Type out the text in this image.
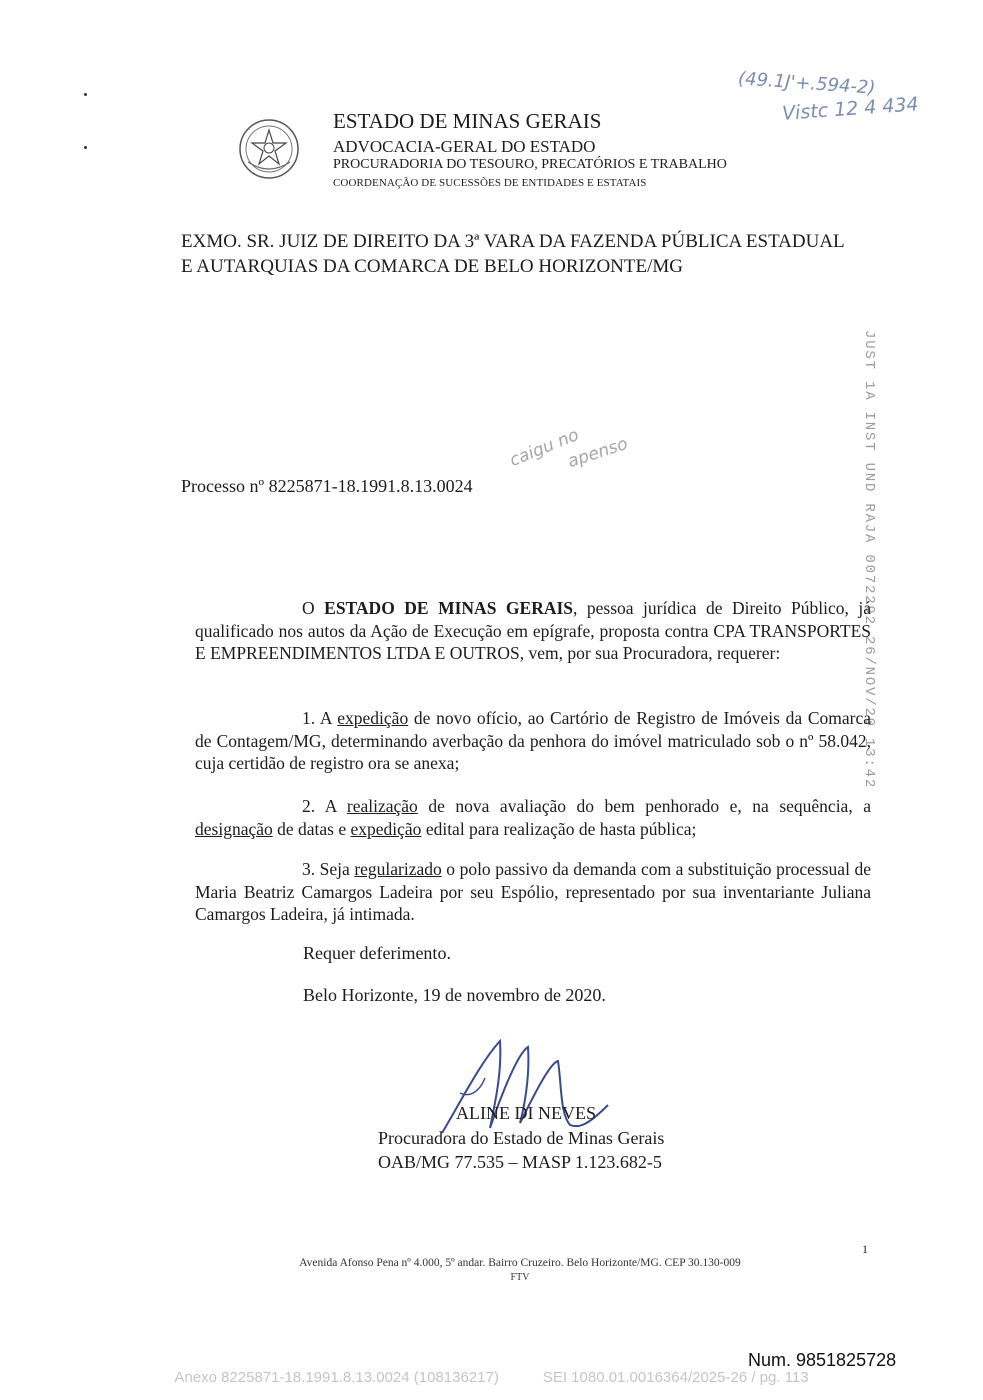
ESTADO DE MINAS GERAIS
ADVOCACIA-GERAL DO ESTADO
PROCURADORIA DO TESOURO, PRECATÓRIOS E TRABALHO
COORDENAÇÃO DE SUCESSÕES DE ENTIDADES E ESTATAIS
(49.1J'+.594-2)
Vistc 12 4 434
EXMO. SR. JUIZ DE DIREITO DA 3ª VARA DA FAZENDA PÚBLICA ESTADUAL
E AUTARQUIAS DA COMARCA DE BELO HORIZONTE/MG
JUST 1A INST UND RAJA 0072292 26/NOV/20 13:42
Processo nº 8225871-18.1991.8.13.0024
caigu no
apenso
O ESTADO DE MINAS GERAIS, pessoa jurídica de Direito Público, já qualificado nos autos da Ação de Execução em epígrafe, proposta contra CPA TRANSPORTES E EMPREENDIMENTOS LTDA E OUTROS, vem, por sua Procuradora, requerer:
1. A expedição de novo ofício, ao Cartório de Registro de Imóveis da Comarca de Contagem/MG, determinando averbação da penhora do imóvel matriculado sob o nº 58.042, cuja certidão de registro ora se anexa;
2. A realização de nova avaliação do bem penhorado e, na sequência, a designação de datas e expedição edital para realização de hasta pública;
3. Seja regularizado o polo passivo da demanda com a substituição processual de Maria Beatriz Camargos Ladeira por seu Espólio, representado por sua inventariante Juliana Camargos Ladeira, já intimada.
Requer deferimento.
Belo Horizonte, 19 de novembro de 2020.
ALINE DI NEVES
Procuradora do Estado de Minas Gerais
OAB/MG 77.535 – MASP 1.123.682-5
1
Avenida Afonso Pena nº 4.000, 5º andar. Bairro Cruzeiro. Belo Horizonte/MG. CEP 30.130-009
FTV
Num. 9851825728
Anexo 8225871-18.1991.8.13.0024 (108136217)	SEI 1080.01.0016364/2025-26 / pg. 113
